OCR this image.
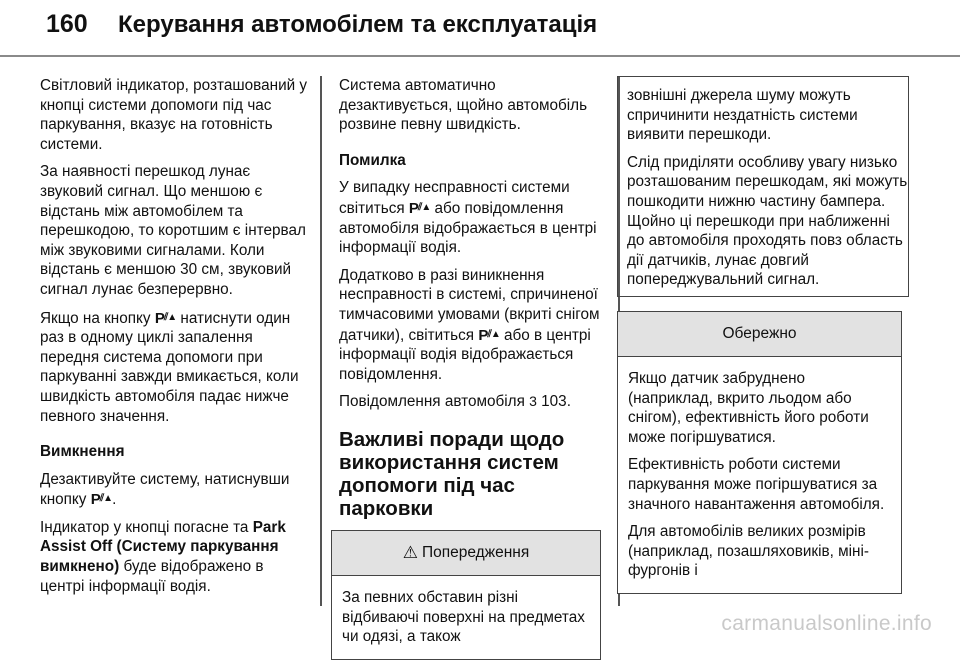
160 Керування автомобілем та експлуатація

Світловий індикатор, розташований у кнопці системи допомоги під час паркування, вказує на готовність системи.

За наявності перешкод лунає звуковий сигнал. Що меншою є відстань між автомобілем та перешкодою, то коротшим є інтервал між звуковими сигналами. Коли відстань є меншою 30 см, звуковий сигнал лунає безперервно.

Якщо на кнопку P⫽▲ натиснути один раз в одному циклі запалення передня система допомоги при паркуванні завжди вмикається, коли швидкість автомобіля падає нижче певного значення.

Вимкнення

Дезактивуйте систему, натиснувши кнопку P⫽▲.

Індикатор у кнопці погасне та Park Assist Off (Систему паркування вимкнено) буде відображено в центрі інформації водія.

Система автоматично дезактивується, щойно автомобіль розвине певну швидкість.

Помилка

У випадку несправності системи світиться P⫽▲ або повідомлення автомобіля відображається в центрі інформації водія.

Додатково в разі виникнення несправності в системі, спричиненої тимчасовими умовами (вкриті снігом датчики), світиться P⫽▲ або в центрі інформації водія відображається повідомлення.

Повідомлення автомобіля 3 103.

Важливі поради щодо використання систем допомоги під час парковки
⚠ Попередження

За певних обставин різні відбиваючі поверхні на предметах чи одязі, а також

зовнішні джерела шуму можуть спричинити нездатність системи виявити перешкоди.

Слід приділяти особливу увагу низько розташованим перешкодам, які можуть пошкодити нижню частину бампера. Щойно ці перешкоди при наближенні до автомобіля проходять повз область дії датчиків, лунає довгий попереджувальний сигнал.

Обережно

Якщо датчик забруднено (наприклад, вкрито льодом або снігом), ефективність його роботи може погіршуватися.

Ефективність роботи системи паркування може погіршуватися за значного навантаження автомобіля.

Для автомобілів великих розмірів (наприклад, позашляховиків, міні-фургонів і

carmanualsonline.info
